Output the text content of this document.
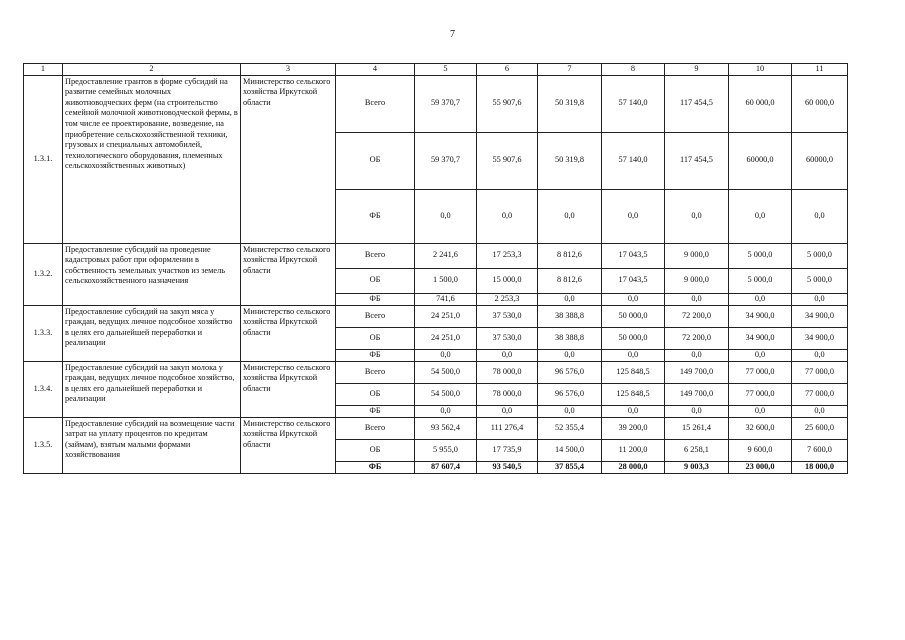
7
1	2	3	4	5	6	7	8	9	10	11
1.3.1.	Предоставление грантов в форме субсидий на развитие семейных молочных животноводческих ферм (на строительство семейной молочной животноводческой фермы, в том числе ее проектирование, возведение, на приобретение сельскохозяйственной техники, грузовых и специальных автомобилей, технологического оборудования, племенных сельскохозяйственных животных)	Министерство сельского хозяйства Иркутской области	Всего	59 370,7	55 907,6	50 319,8	57 140,0	117 454,5	60 000,0	60 000,0
			ОБ	59 370,7	55 907,6	50 319,8	57 140,0	117 454,5	60000,0	60000,0
			ФБ	0,0	0,0	0,0	0,0	0,0	0,0	0,0
1.3.2.	Предоставление субсидий на проведение кадастровых работ при оформлении в собственность земельных участков из земель сельскохозяйственного назначения	Министерство сельского хозяйства Иркутской области	Всего	2 241,6	17 253,3	8 812,6	17 043,5	9 000,0	5 000,0	5 000,0
			ОБ	1 500,0	15 000,0	8 812,6	17 043,5	9 000,0	5 000,0	5 000,0
			ФБ	741,6	2 253,3	0,0	0,0	0,0	0,0	0,0
1.3.3.	Предоставление субсидий на закуп мяса у граждан, ведущих личное подсобное хозяйство в целях его дальнейшей переработки и реализации	Министерство сельского хозяйства Иркутской области	Всего	24 251,0	37 530,0	38 388,8	50 000,0	72 200,0	34 900,0	34 900,0
			ОБ	24 251,0	37 530,0	38 388,8	50 000,0	72 200,0	34 900,0	34 900,0
			ФБ	0,0	0,0	0,0	0,0	0,0	0,0	0,0
1.3.4.	Предоставление субсидий на закуп молока у граждан, ведущих личное подсобное хозяйство, в целях его дальнейшей переработки и реализации	Министерство сельского хозяйства Иркутской области	Всего	54 500,0	78 000,0	96 576,0	125 848,5	149 700,0	77 000,0	77 000,0
			ОБ	54 500,0	78 000,0	96 576,0	125 848,5	149 700,0	77 000,0	77 000,0
			ФБ	0,0	0,0	0,0	0,0	0,0	0,0	0,0
1.3.5.	Предоставление субсидий на возмещение части затрат на уплату процентов по кредитам (займам), взятым малыми формами хозяйствования	Министерство сельского хозяйства Иркутской области	Всего	93 562,4	111 276,4	52 355,4	39 200,0	15 261,4	32 600,0	25 600,0
			ОБ	5 955,0	17 735,9	14 500,0	11 200,0	6 258,1	9 600,0	7 600,0
			ФБ	87 607,4	93 540,5	37 855,4	28 000,0	9 003,3	23 000,0	18 000,0
